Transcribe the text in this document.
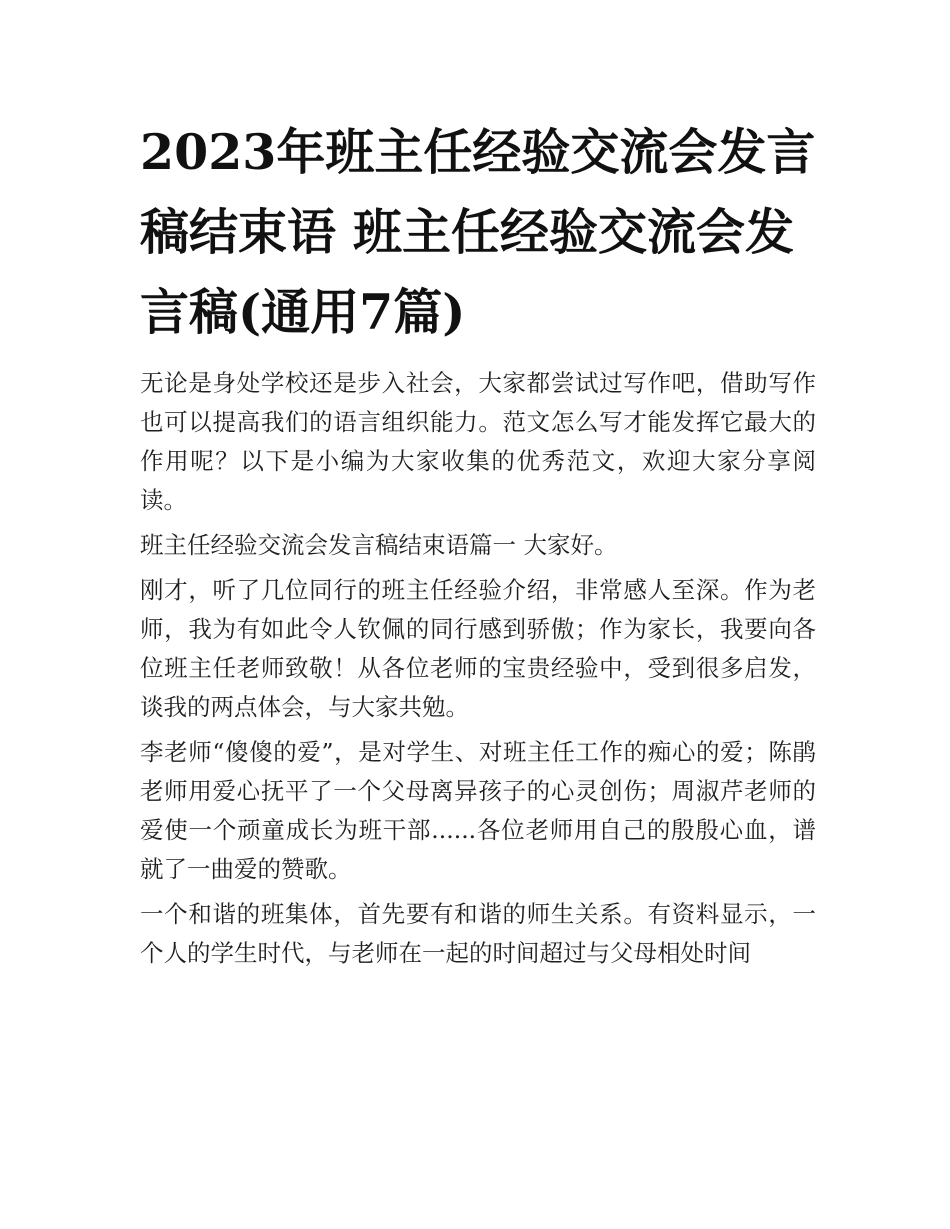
2023年班主任经验交流会发言稿结束语 班主任经验交流会发言稿(通用7篇)

无论是身处学校还是步入社会，大家都尝试过写作吧，借助写作也可以提高我们的语言组织能力。范文怎么写才能发挥它最大的作用呢？以下是小编为大家收集的优秀范文，欢迎大家分享阅读。

班主任经验交流会发言稿结束语篇一 大家好。

刚才，听了几位同行的班主任经验介绍，非常感人至深。作为老师，我为有如此令人钦佩的同行感到骄傲；作为家长，我要向各位班主任老师致敬！从各位老师的宝贵经验中，受到很多启发，谈我的两点体会，与大家共勉。

李老师“傻傻的爱”，是对学生、对班主任工作的痴心的爱；陈鹃老师用爱心抚平了一个父母离异孩子的心灵创伤；周淑芹老师的爱使一个顽童成长为班干部......各位老师用自己的殷殷心血，谱就了一曲爱的赞歌。

一个和谐的班集体，首先要有和谐的师生关系。有资料显示，一个人的学生时代，与老师在一起的时间超过与父母相处时间
